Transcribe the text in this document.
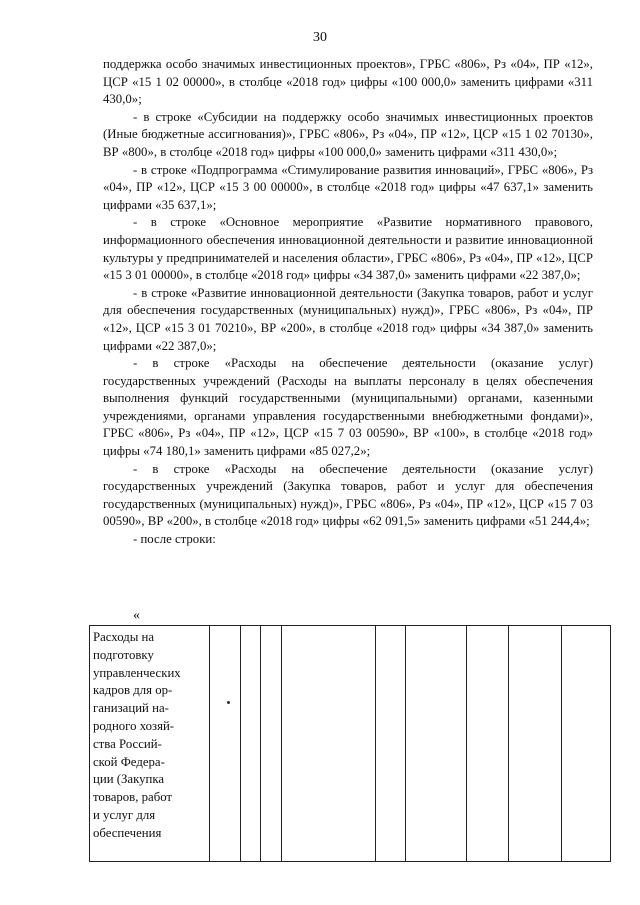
30

поддержка особо значимых инвестиционных проектов», ГРБС «806», Рз «04», ПР «12», ЦСР «15 1 02 00000», в столбце «2018 год» цифры «100 000,0» заменить цифрами «311 430,0»;

- в строке «Субсидии на поддержку особо значимых инвестиционных проектов (Иные бюджетные ассигнования)», ГРБС «806», Рз «04», ПР «12», ЦСР «15 1 02 70130», ВР «800», в столбце «2018 год» цифры «100 000,0» заменить цифрами «311 430,0»;

- в строке «Подпрограмма «Стимулирование развития инноваций», ГРБС «806», Рз «04», ПР «12», ЦСР «15 3 00 00000», в столбце «2018 год» цифры «47 637,1» заменить цифрами «35 637,1»;

- в строке «Основное мероприятие «Развитие нормативного правового, информационного обеспечения инновационной деятельности и развитие инновационной культуры у предпринимателей и населения области», ГРБС «806», Рз «04», ПР «12», ЦСР «15 3 01 00000», в столбце «2018 год» цифры «34 387,0» заменить цифрами «22 387,0»;

- в строке «Развитие инновационной деятельности (Закупка товаров, работ и услуг для обеспечения государственных (муниципальных) нужд)», ГРБС «806», Рз «04», ПР «12», ЦСР «15 3 01 70210», ВР «200», в столбце «2018 год» цифры «34 387,0» заменить цифрами «22 387,0»;

- в строке «Расходы на обеспечение деятельности (оказание услуг) государственных учреждений (Расходы на выплаты персоналу в целях обеспечения выполнения функций государственными (муниципальными) органами, казенными учреждениями, органами управления государственными внебюджетными фондами)», ГРБС «806», Рз «04», ПР «12», ЦСР «15 7 03 00590», ВР «100», в столбце «2018 год» цифры «74 180,1» заменить цифрами «85 027,2»;

- в строке «Расходы на обеспечение деятельности (оказание услуг) государственных учреждений (Закупка товаров, работ и услуг для обеспечения государственных (муниципальных) нужд)», ГРБС «806», Рз «04», ПР «12», ЦСР «15 7 03 00590», ВР «200», в столбце «2018 год» цифры «62 091,5» заменить цифрами «51 244,4»;

- после строки:

«
Расходы на
подготовку
управленческих
кадров для ор-
ганизаций на-
родного хозяй-
ства Россий-
ской Федера-
ции (Закупка
товаров, работ
и услуг для
обеспечения
